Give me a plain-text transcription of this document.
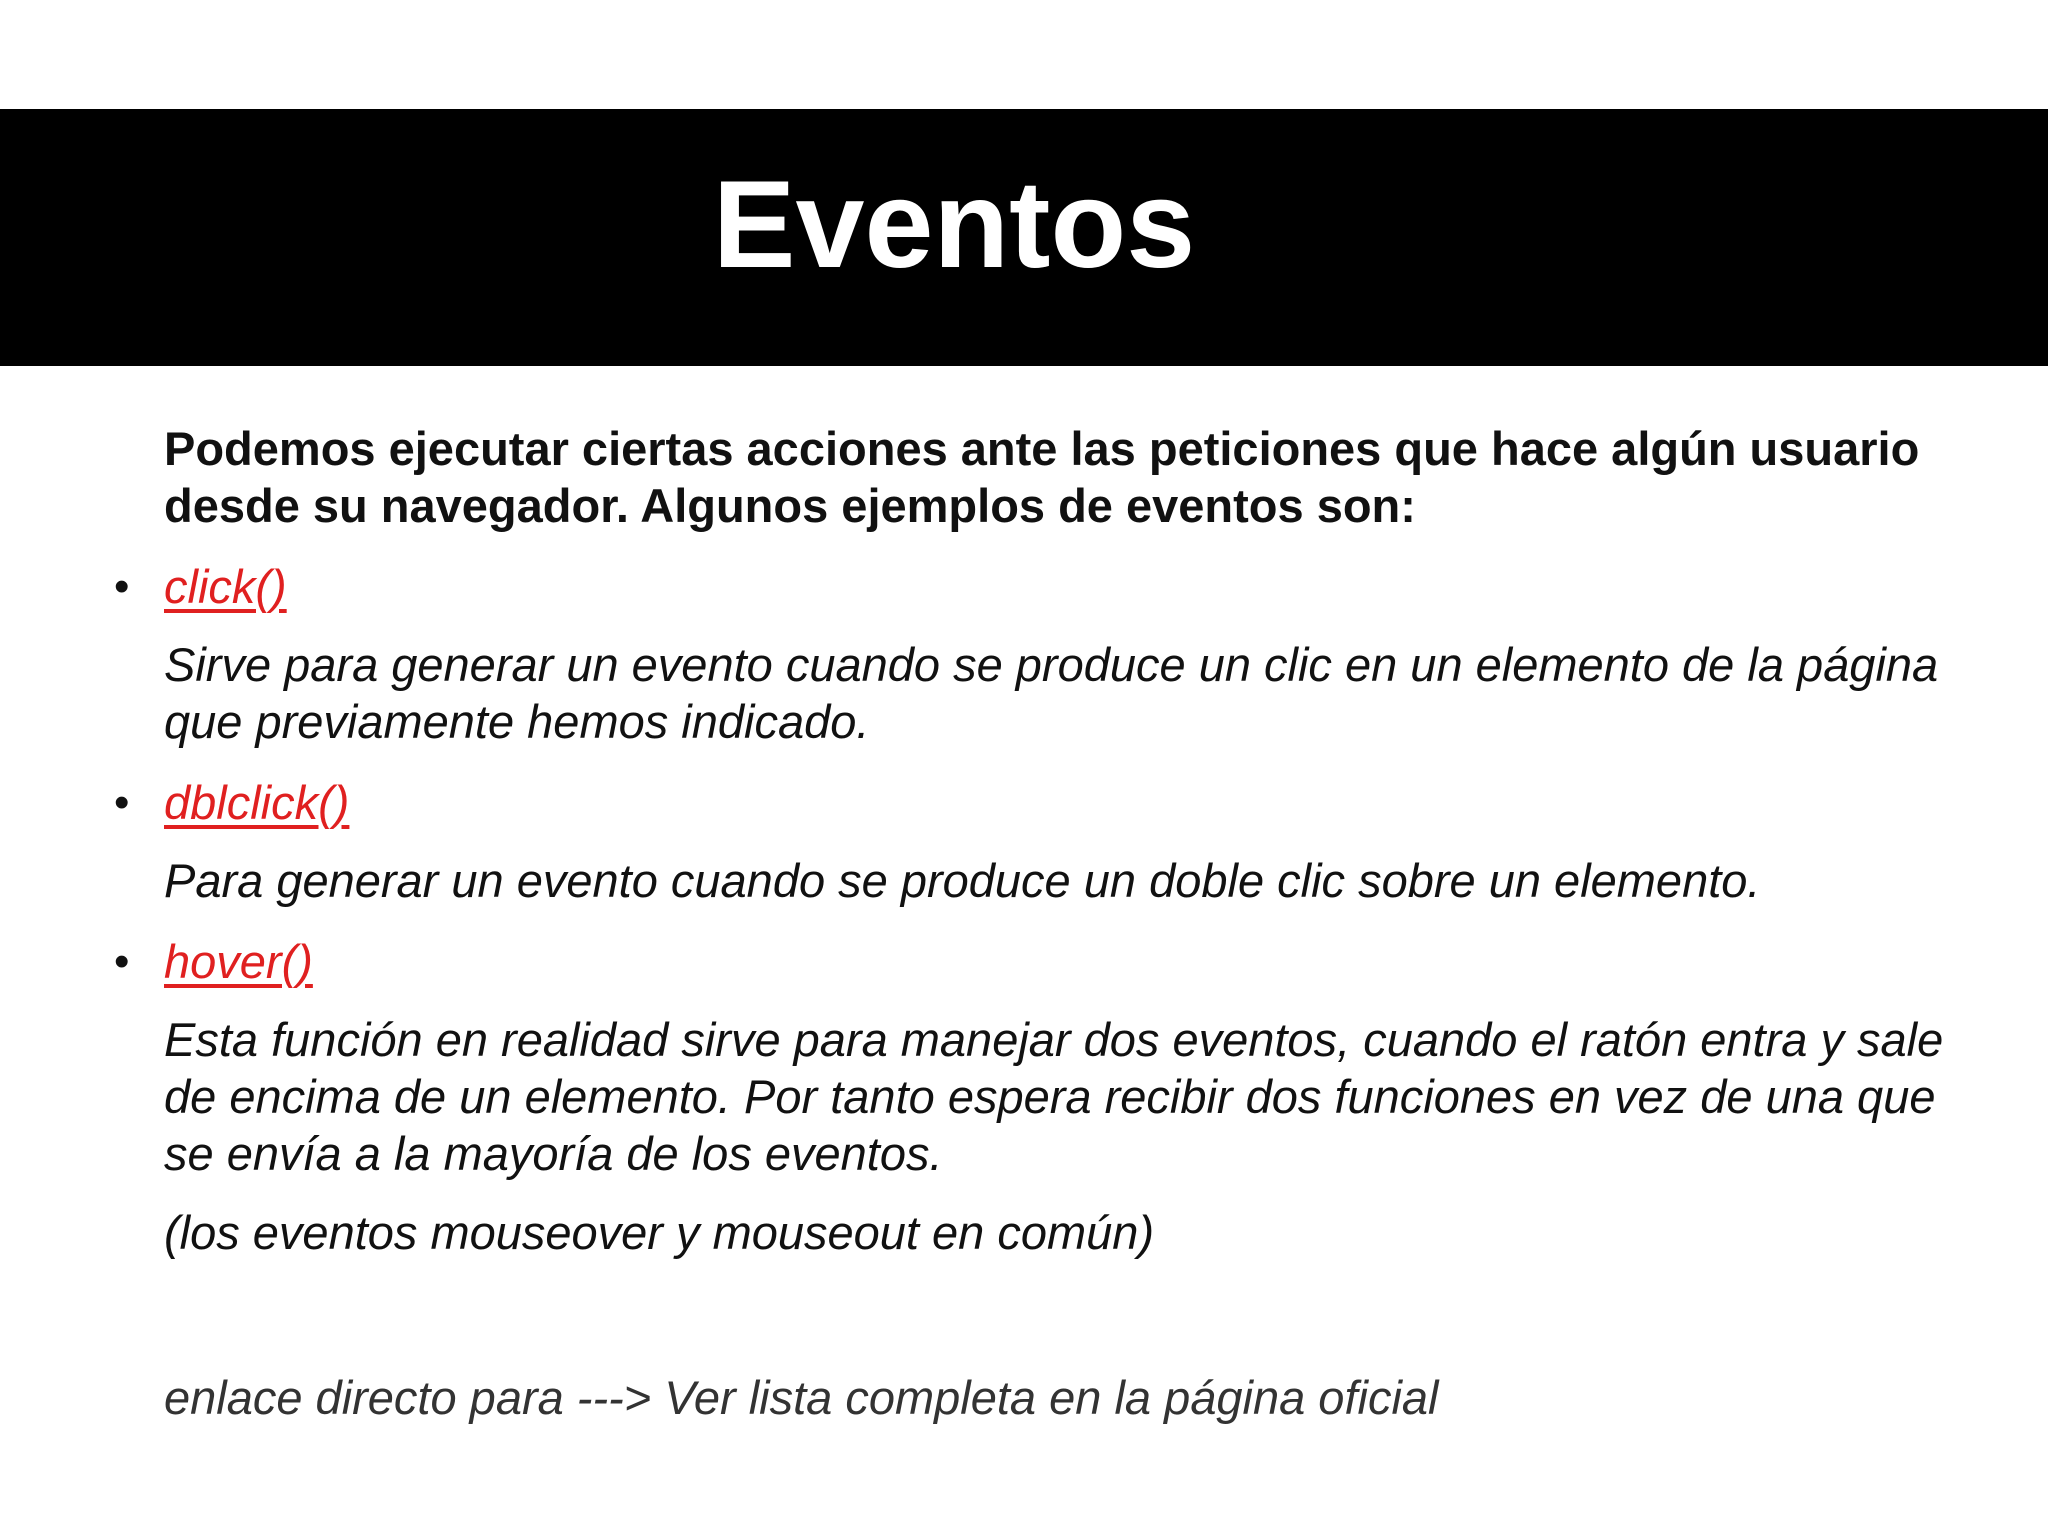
Eventos

Podemos ejecutar ciertas acciones ante las peticiones que hace algún usuario desde su navegador. Algunos ejemplos de eventos son:

• click()

Sirve para generar un evento cuando se produce un clic en un elemento de la página que previamente hemos indicado.

• dblclick()

Para generar un evento cuando se produce un doble clic sobre un elemento.

• hover()

Esta función en realidad sirve para manejar dos eventos, cuando el ratón entra y sale de encima de un elemento. Por tanto espera recibir dos funciones en vez de una que se envía a la mayoría de los eventos.

(los eventos mouseover y mouseout en común)

enlace directo para ---> Ver lista completa en la página oficial
